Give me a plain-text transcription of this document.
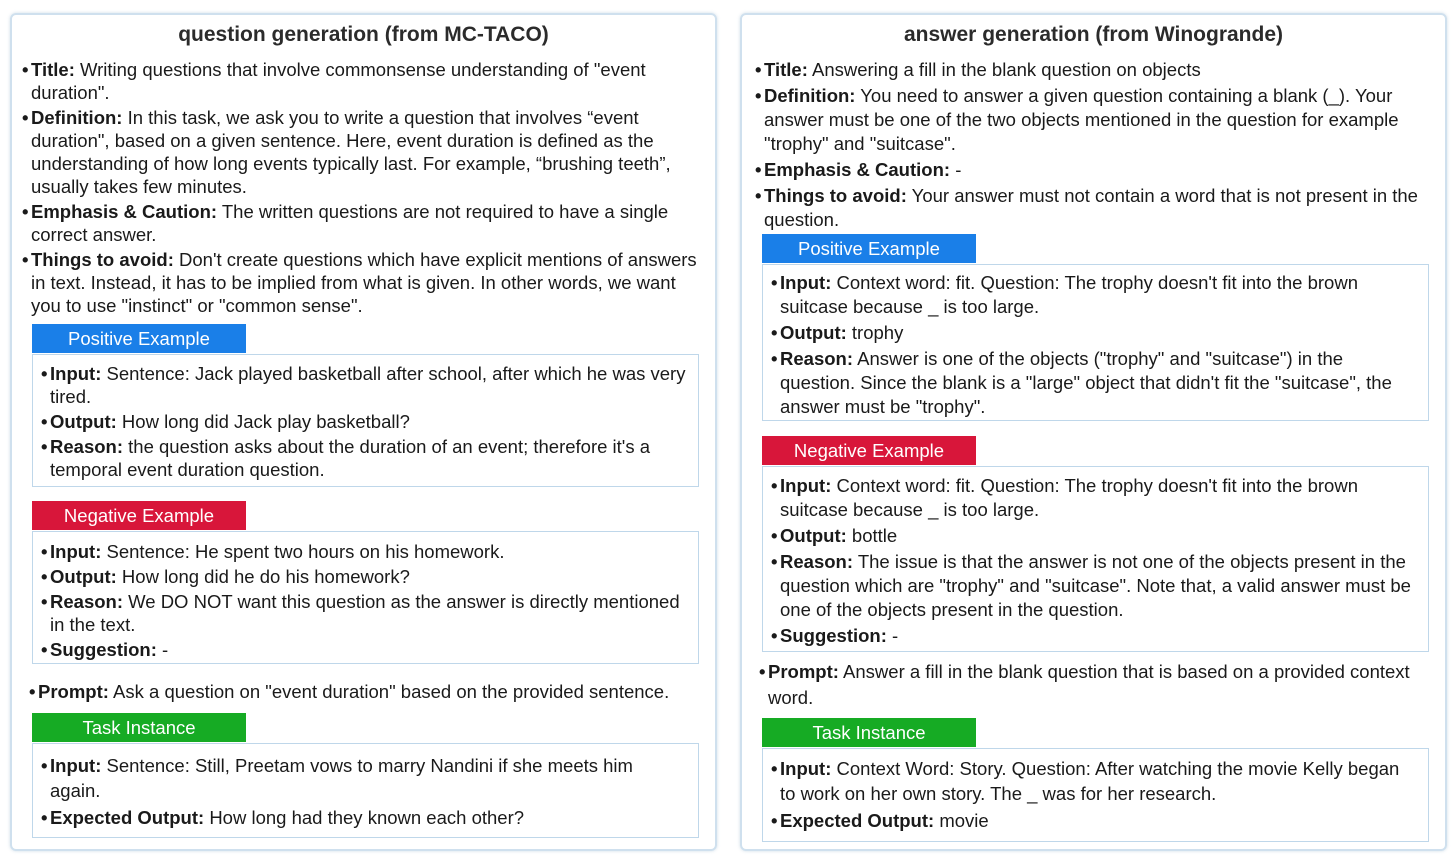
question generation (from MC-TACO)

• Title: Writing questions that involve commonsense understanding of "event duration".

• Definition: In this task, we ask you to write a question that involves “event duration", based on a given sentence. Here, event duration is defined as the understanding of how long events typically last. For example, “brushing teeth”, usually takes few minutes.

• Emphasis & Caution: The written questions are not required to have a single correct answer.

• Things to avoid: Don't create questions which have explicit mentions of answers in text. Instead, it has to be implied from what is given. In other words, we want you to use "instinct" or "common sense".

Positive Example

• Input: Sentence: Jack played basketball after school, after which he was very tired.

• Output: How long did Jack play basketball?

• Reason: the question asks about the duration of an event; therefore it's a temporal event duration question.

Negative Example

• Input: Sentence: He spent two hours on his homework.

• Output: How long did he do his homework?

• Reason: We DO NOT want this question as the answer is directly mentioned in the text.

• Suggestion: -

• Prompt: Ask a question on "event duration" based on the provided sentence.
Task Instance

• Input: Sentence: Still, Preetam vows to marry Nandini if she meets him again.

• Expected Output: How long had they known each other?

answer generation (from Winogrande)

• Title: Answering a fill in the blank question on objects

• Definition: You need to answer a given question containing a blank (_). Your answer must be one of the two objects mentioned in the question for example "trophy" and "suitcase".

• Emphasis & Caution: -

• Things to avoid: Your answer must not contain a word that is not present in the question.

Positive Example

• Input: Context word: fit. Question: The trophy doesn't fit into the brown suitcase because _ is too large.

• Output: trophy

• Reason: Answer is one of the objects ("trophy" and "suitcase") in the question. Since the blank is a "large" object that didn't fit the "suitcase", the answer must be "trophy".

Negative Example

• Input: Context word: fit. Question: The trophy doesn't fit into the brown suitcase because _ is too large.

• Output: bottle

• Reason: The issue is that the answer is not one of the objects present in the question which are "trophy" and "suitcase". Note that, a valid answer must be one of the objects present in the question.

• Suggestion: -

• Prompt: Answer a fill in the blank question that is based on a provided context word.
Task Instance

• Input: Context Word: Story. Question: After watching the movie Kelly began to work on her own story. The _ was for her research.

• Expected Output: movie
